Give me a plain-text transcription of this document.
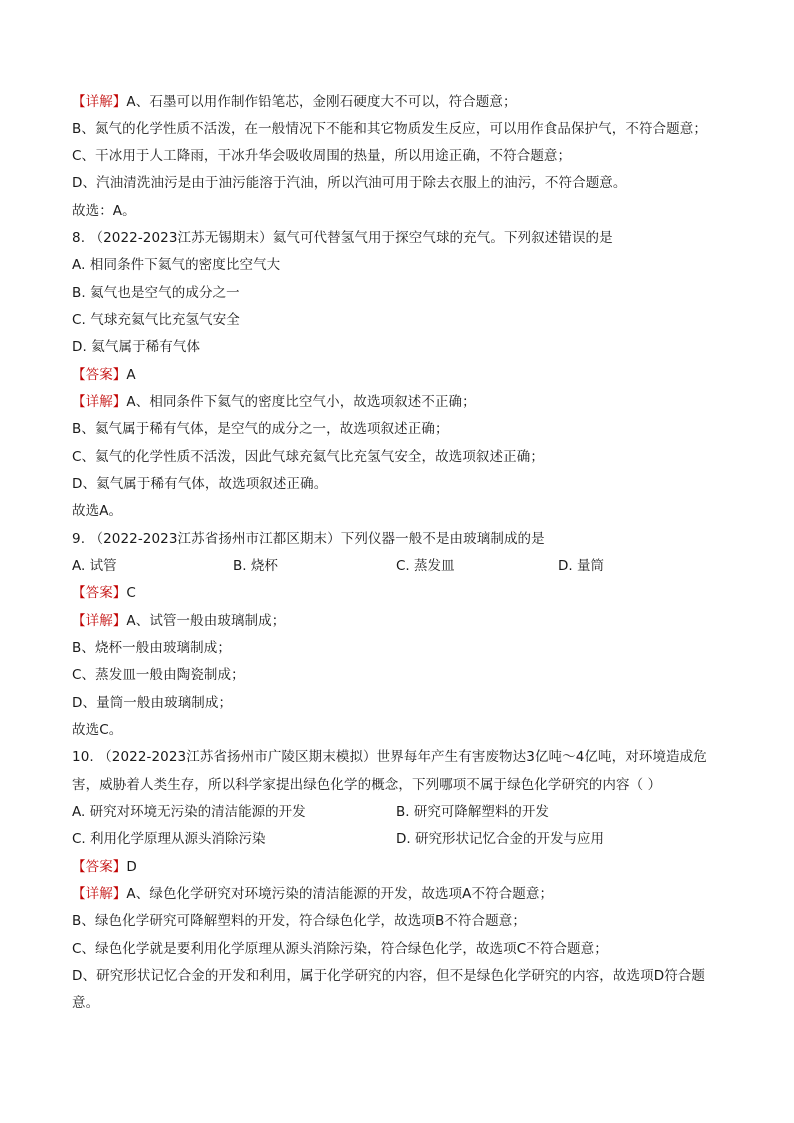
【详解】A、石墨可以用作制作铅笔芯，金刚石硬度大不可以，符合题意；
B、氮气的化学性质不活泼，在一般情况下不能和其它物质发生反应，可以用作食品保护气，不符合题意；
C、干冰用于人工降雨，干冰升华会吸收周围的热量，所以用途正确，不符合题意；
D、汽油清洗油污是由于油污能溶于汽油，所以汽油可用于除去衣服上的油污，不符合题意。
故选：A。
8. （2022-2023江苏无锡期末）氦气可代替氢气用于探空气球的充气。下列叙述错误的是
A. 相同条件下氦气的密度比空气大
B. 氦气也是空气的成分之一
C. 气球充氦气比充氢气安全
D. 氦气属于稀有气体
【答案】A
【详解】A、相同条件下氦气的密度比空气小，故选项叙述不正确；
B、氦气属于稀有气体，是空气的成分之一，故选项叙述正确；
C、氦气的化学性质不活泼，因此气球充氦气比充氢气安全，故选项叙述正确；
D、氦气属于稀有气体，故选项叙述正确。
故选A。
9. （2022-2023江苏省扬州市江都区期末）下列仪器一般不是由玻璃制成的是
A. 试管	B. 烧杯	C. 蒸发皿	D. 量筒
【答案】C
【详解】A、试管一般由玻璃制成；
B、烧杯一般由玻璃制成；
C、蒸发皿一般由陶瓷制成；
D、量筒一般由玻璃制成；
故选C。
10. （2022-2023江苏省扬州市广陵区期末模拟）世界每年产生有害废物达3亿吨～4亿吨，对环境造成危
害，威胁着人类生存，所以科学家提出绿色化学的概念，下列哪项不属于绿色化学研究的内容（ ）
A. 研究对环境无污染的清洁能源的开发	B. 研究可降解塑料的开发
C. 利用化学原理从源头消除污染	D. 研究形状记忆合金的开发与应用
【答案】D
【详解】A、绿色化学研究对环境污染的清洁能源的开发，故选项A不符合题意；
B、绿色化学研究可降解塑料的开发，符合绿色化学，故选项B不符合题意；
C、绿色化学就是要利用化学原理从源头消除污染，符合绿色化学，故选项C不符合题意；
D、研究形状记忆合金的开发和利用，属于化学研究的内容，但不是绿色化学研究的内容，故选项D符合题
意。
